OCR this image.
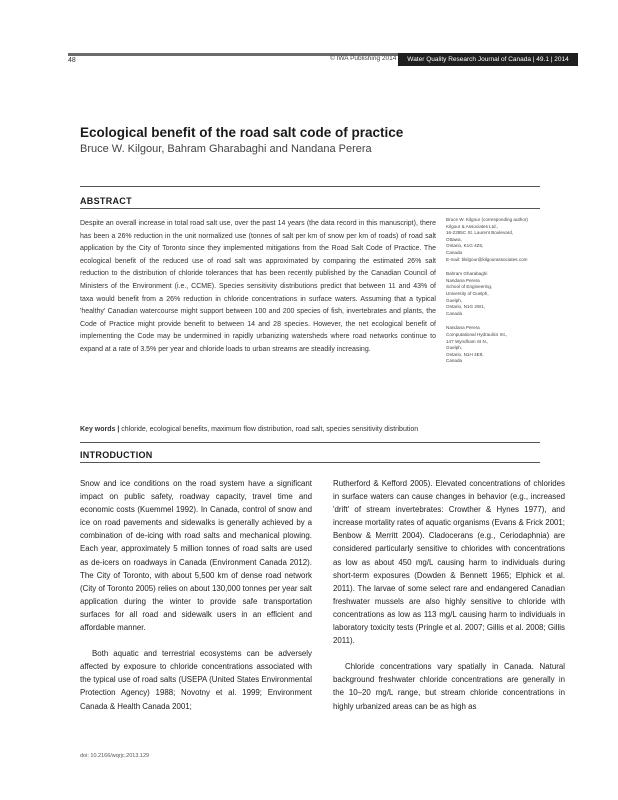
48	© IWA Publishing 2014	Water Quality Research Journal of Canada | 49.1 | 2014
Ecological benefit of the road salt code of practice
Bruce W. Kilgour, Bahram Gharabaghi and Nandana Perera
ABSTRACT

Despite an overall increase in total road salt use, over the past 14 years (the data record in this manuscript), there has been a 26% reduction in the unit normalized use (tonnes of salt per km of snow per km of roads) of road salt application by the City of Toronto since they implemented mitigations from the Road Salt Code of Practice. The ecological benefit of the reduced use of road salt was approximated by comparing the estimated 26% salt reduction to the distribution of chloride tolerances that has been recently published by the Canadian Council of Ministers of the Environment (i.e., CCME). Species sensitivity distributions predict that between 11 and 43% of taxa would benefit from a 26% reduction in chloride concentrations in surface waters. Assuming that a typical 'healthy' Canadian watercourse might support between 100 and 200 species of fish, invertebrates and plants, the Code of Practice might provide benefit to between 14 and 28 species. However, the net ecological benefit of implementing the Code may be undermined in rapidly urbanizing watersheds where road networks continue to expand at a rate of 3.5% per year and chloride loads to urban streams are steadily increasing.

Key words | chloride, ecological benefits, maximum flow distribution, road salt, species sensitivity distribution
Bruce W. Kilgour (corresponding author)
Kilgour & Associates Ltd.,
16-2285C St. Laurent Boulevard,
Ottawa,
Ontario, K1G 4Z6,
Canada
E-mail: bkilgour@kilgourassociates.com
Bahram Gharabaghi
Nandana Perera
School of Engineering,
University of Guelph,
Guelph,
Ontario, N1G 2W1,
Canada
Nandana Perera
Computational Hydraulics Int.,
147 Wyndham St N.,
Guelph,
Ontario, N1H 4E9,
Canada
INTRODUCTION

Snow and ice conditions on the road system have a significant impact on public safety, roadway capacity, travel time and economic costs (Kuemmel 1992). In Canada, control of snow and ice on road pavements and sidewalks is generally achieved by a combination of de-icing with road salts and mechanical plowing. Each year, approximately 5 million tonnes of road salts are used as de-icers on roadways in Canada (Environment Canada 2012). The City of Toronto, with about 5,500 km of dense road network (City of Toronto 2005) relies on about 130,000 tonnes per year salt application during the winter to provide safe transportation surfaces for all road and sidewalk users in an efficient and affordable manner.

Both aquatic and terrestrial ecosystems can be adversely affected by exposure to chloride concentrations associated with the typical use of road salts (USEPA (United States Environmental Protection Agency) 1988; Novotny et al. 1999; Environment Canada & Health Canada 2001;

Rutherford & Kefford 2005). Elevated concentrations of chlorides in surface waters can cause changes in behavior (e.g., increased 'drift' of stream invertebrates: Crowther & Hynes 1977), and increase mortality rates of aquatic organisms (Evans & Frick 2001; Benbow & Merritt 2004). Cladocerans (e.g., Ceriodaphnia) are considered particularly sensitive to chlorides with concentrations as low as about 450 mg/L causing harm to individuals during short-term exposures (Dowden & Bennett 1965; Elphick et al. 2011). The larvae of some select rare and endangered Canadian freshwater mussels are also highly sensitive to chloride with concentrations as low as 113 mg/L causing harm to individuals in laboratory toxicity tests (Pringle et al. 2007; Gillis et al. 2008; Gillis 2011).

Chloride concentrations vary spatially in Canada. Natural background freshwater chloride concentrations are generally in the 10–20 mg/L range, but stream chloride concentrations in highly urbanized areas can be as high as

doi: 10.2166/wqrjc.2013.129
